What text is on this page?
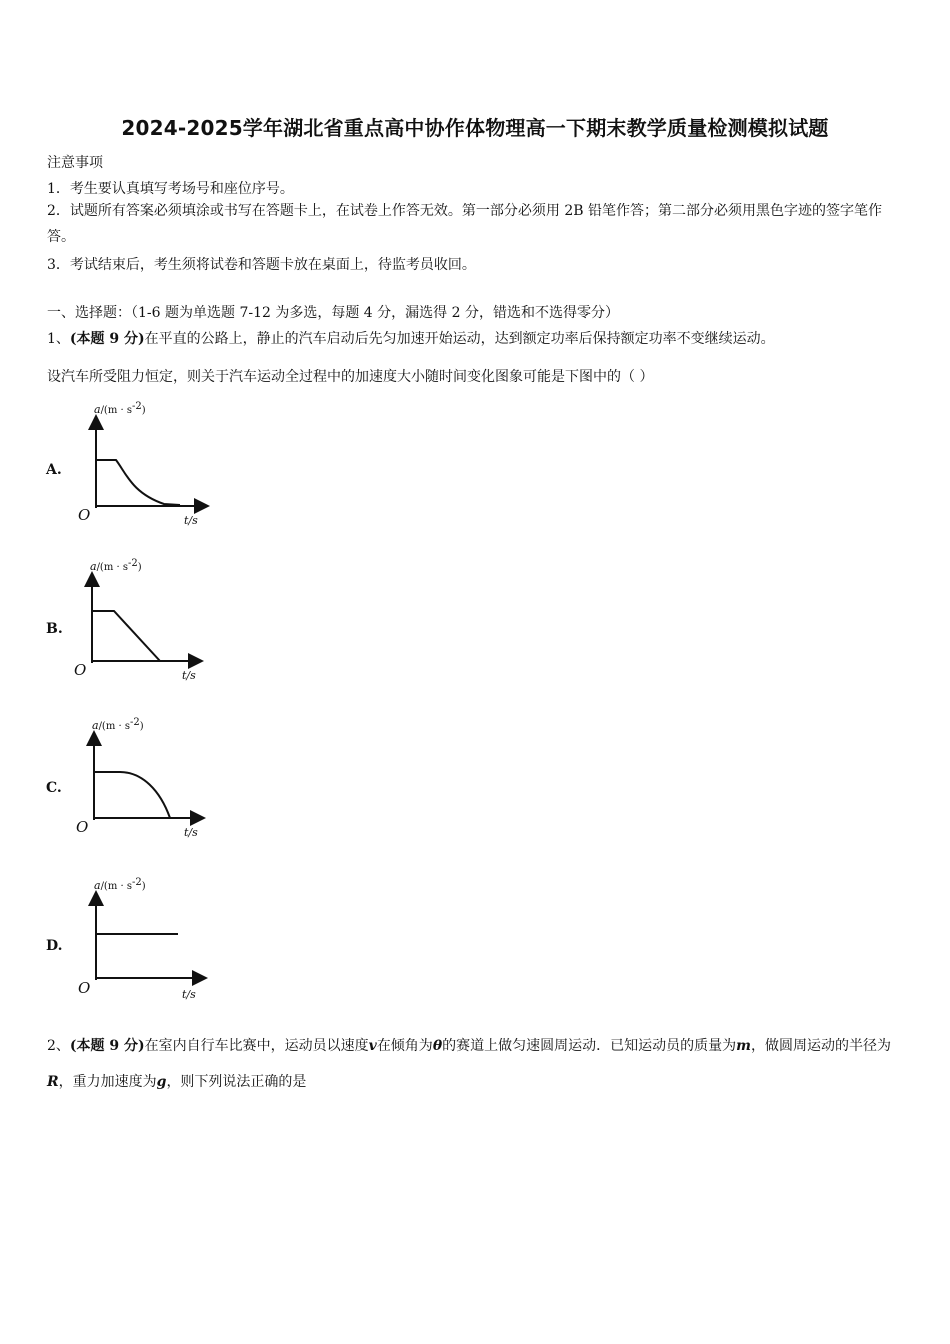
2024-2025学年湖北省重点高中协作体物理高一下期末教学质量检测模拟试题
注意事项
1．考生要认真填写考场号和座位序号。
2．试题所有答案必须填涂或书写在答题卡上，在试卷上作答无效。第一部分必须用 2B 铅笔作答；第二部分必须用黑色字迹的签字笔作答。
3．考试结束后，考生须将试卷和答题卡放在桌面上，待监考员收回。
一、选择题：（1-6 题为单选题 7-12 为多选，每题 4 分，漏选得 2 分，错选和不选得零分）
1、(本题 9 分)在平直的公路上，静止的汽车启动后先匀加速开始运动，达到额定功率后保持额定功率不变继续运动。
设汽车所受阻力恒定，则关于汽车运动全过程中的加速度大小随时间变化图象可能是下图中的（ ）
A.
$a/(m \cdot s^{-2}_)$
O	t/s
B.
$a/(m \cdot s^{-2}_)$
O	t/s
C.
$a/(m \cdot s^{-2}_)$
O	t/s
D.
$a/(m \cdot s^{-2}_)$
O	t/s
2、(本题 9 分)在室内自行车比赛中，运动员以速度v在倾角为θ的赛道上做匀速圆周运动．已知运动员的质量为m，做圆周运动的半径为R，重力加速度为g，则下列说法正确的是
